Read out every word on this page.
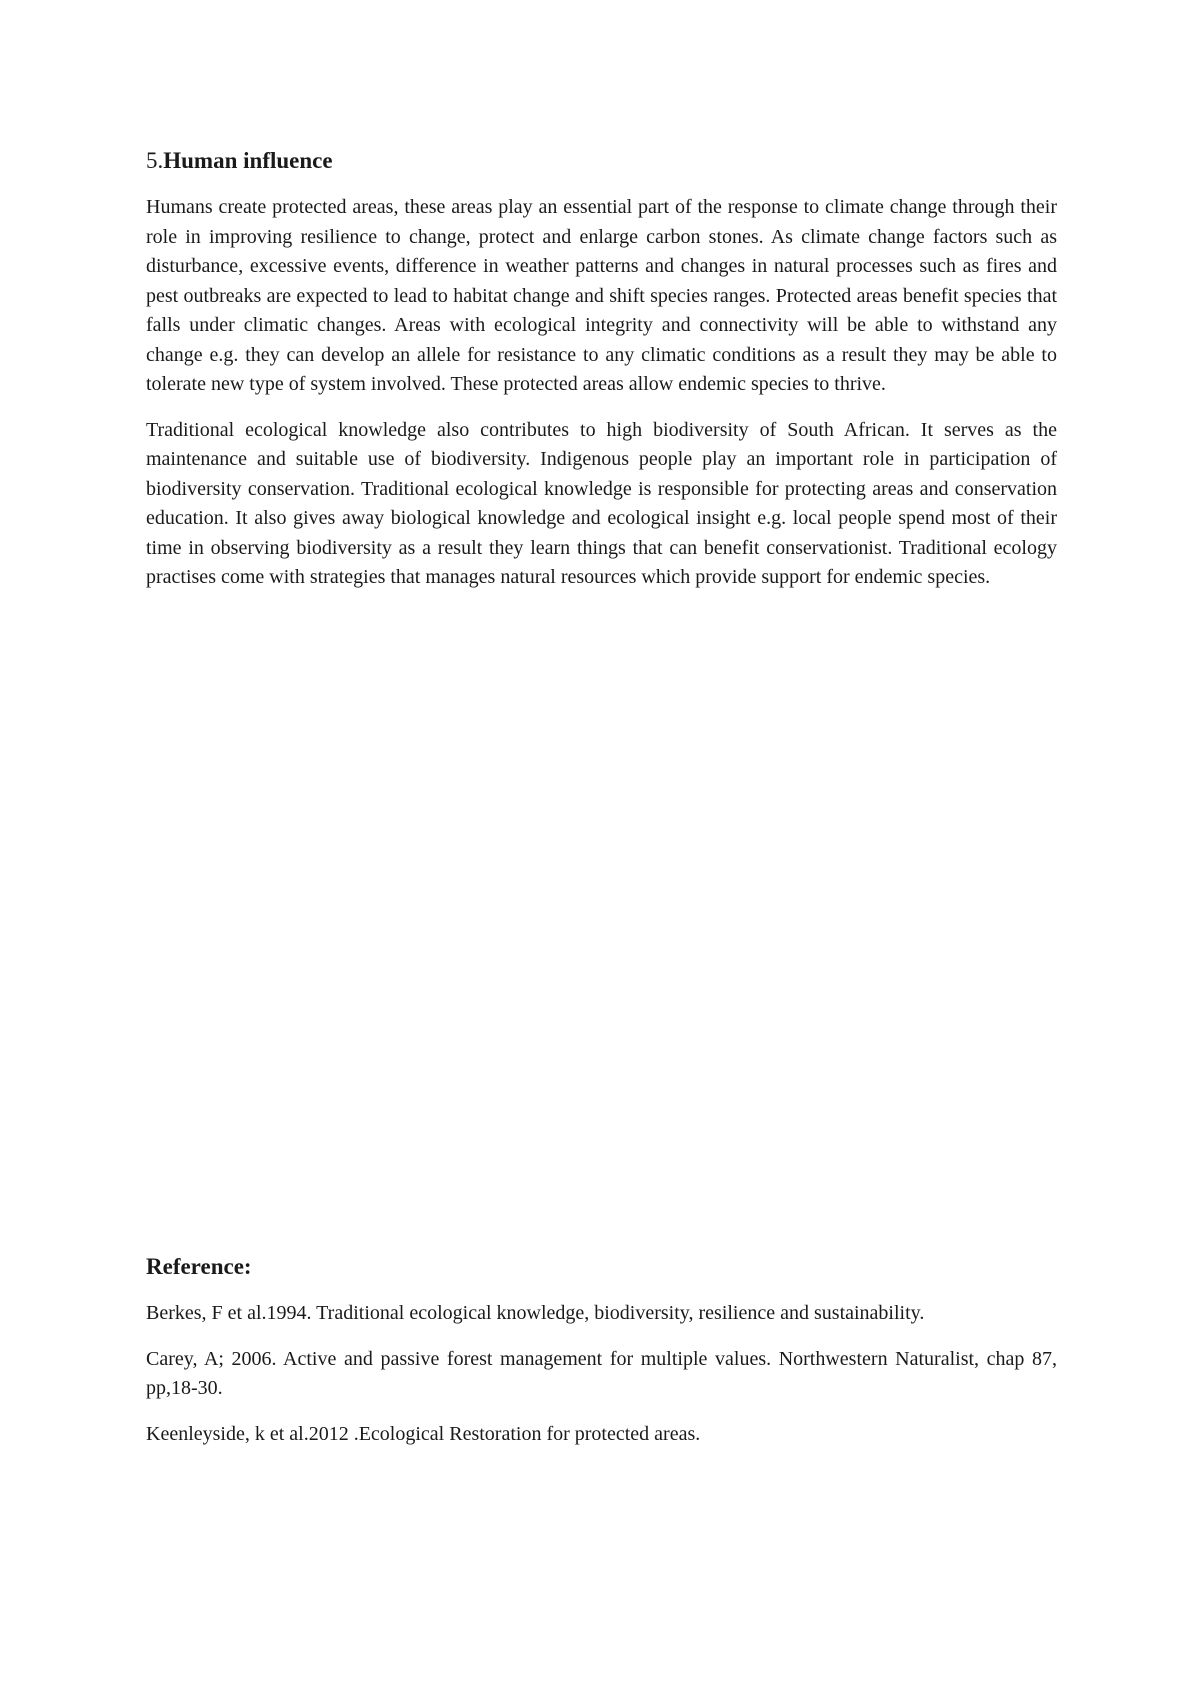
5.Human influence

Humans create protected areas, these areas play an essential part of the response to climate change through their role in improving resilience to change, protect and enlarge carbon stones. As climate change factors such as disturbance, excessive events, difference in weather patterns and changes in natural processes such as fires and pest outbreaks are expected to lead to habitat change and shift species ranges. Protected areas benefit species that falls under climatic changes. Areas with ecological integrity and connectivity will be able to withstand any change e.g. they can develop an allele for resistance to any climatic conditions as a result they may be able to tolerate new type of system involved. These protected areas allow endemic species to thrive.

Traditional ecological knowledge also contributes to high biodiversity of South African. It serves as the maintenance and suitable use of biodiversity. Indigenous people play an important role in participation of biodiversity conservation. Traditional ecological knowledge is responsible for protecting areas and conservation education. It also gives away biological knowledge and ecological insight e.g. local people spend most of their time in observing biodiversity as a result they learn things that can benefit conservationist. Traditional ecology practises come with strategies that manages natural resources which provide support for endemic species.

Reference:

Berkes, F et al.1994. Traditional ecological knowledge, biodiversity, resilience and sustainability.

Carey, A; 2006. Active and passive forest management for multiple values. Northwestern Naturalist, chap 87, pp,18-30.

Keenleyside, k et al.2012 .Ecological Restoration for protected areas.
